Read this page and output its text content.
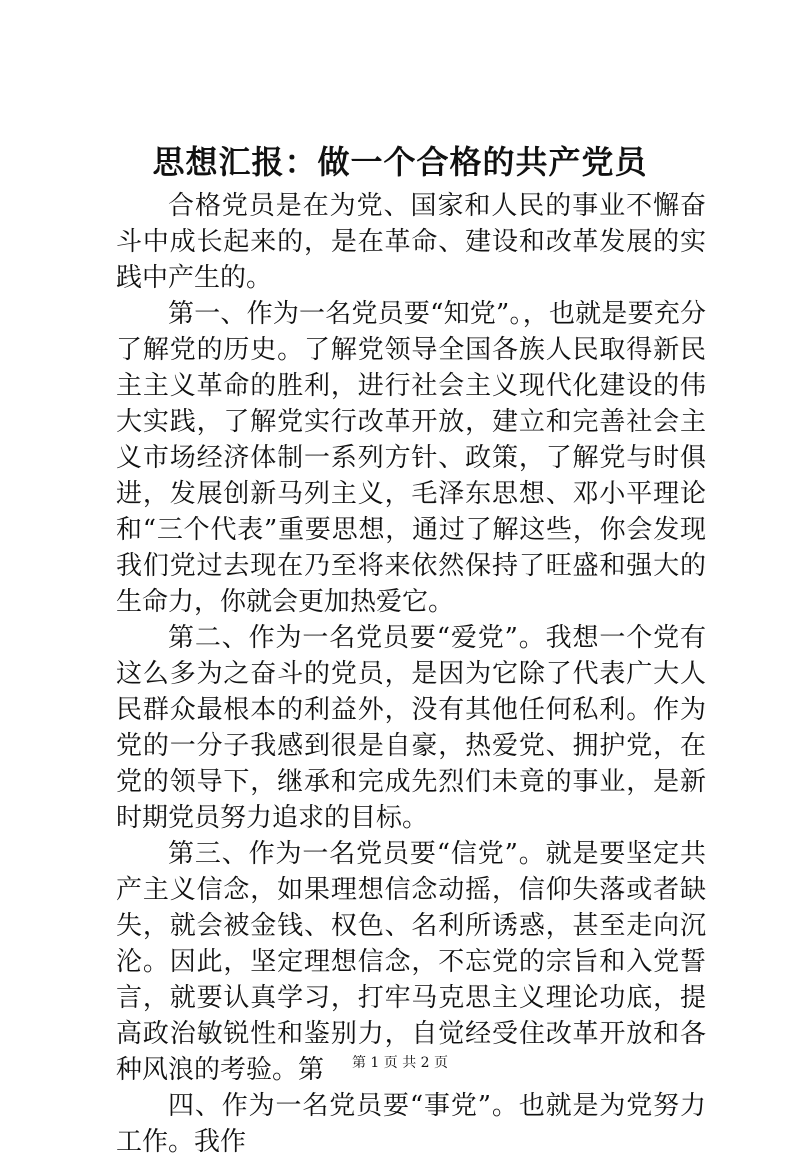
思想汇报：做一个合格的共产党员

合格党员是在为党、国家和人民的事业不懈奋斗中成长起来的，是在革命、建设和改革发展的实践中产生的。

第一、作为一名党员要“知党”。，也就是要充分了解党的历史。了解党领导全国各族人民取得新民主主义革命的胜利，进行社会主义现代化建设的伟大实践，了解党实行改革开放，建立和完善社会主义市场经济体制一系列方针、政策，了解党与时俱进，发展创新马列主义，毛泽东思想、邓小平理论和“三个代表”重要思想，通过了解这些，你会发现我们党过去现在乃至将来依然保持了旺盛和强大的生命力，你就会更加热爱它。

第二、作为一名党员要“爱党”。我想一个党有这么多为之奋斗的党员，是因为它除了代表广大人民群众最根本的利益外，没有其他任何私利。作为党的一分子我感到很是自豪，热爱党、拥护党，在党的领导下，继承和完成先烈们未竟的事业，是新时期党员努力追求的目标。

第三、作为一名党员要“信党”。就是要坚定共产主义信念，如果理想信念动摇，信仰失落或者缺失，就会被金钱、权色、名利所诱惑，甚至走向沉沦。因此，坚定理想信念，不忘党的宗旨和入党誓言，就要认真学习，打牢马克思主义理论功底，提高政治敏锐性和鉴别力，自觉经受住改革开放和各种风浪的考验。第

四、作为一名党员要“事党”。也就是为党努力工作。我作

第 1 页 共 2 页
